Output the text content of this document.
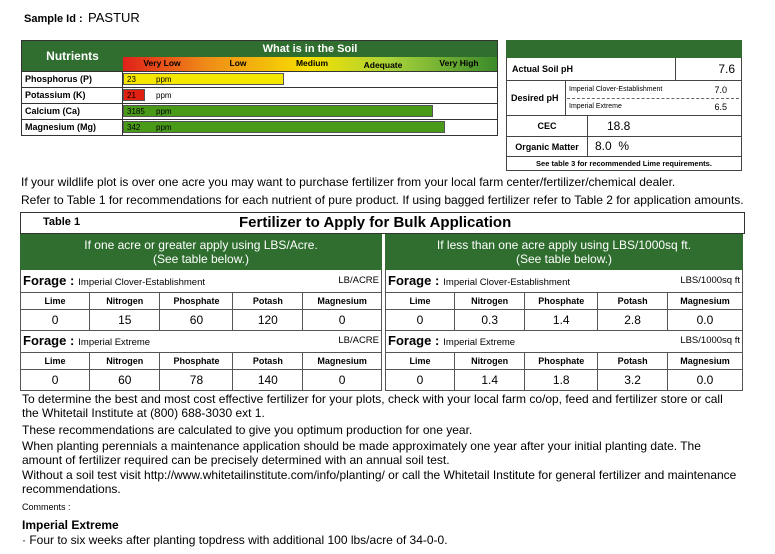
Sample Id : PASTUR
Nutrients	What is in the Soil
Very Low	Low	Medium	Adequate	Very High
Phosphorus (P)	23	ppm
Potassium (K)	21	ppm
Calcium (Ca)	3185 ppm
Magnesium (Mg)	342 ppm
Actual Soil pH	7.6
Desired pH
Imperial Clover-Establishment	7.0
Imperial Extreme	6.5
CEC	18.8
Organic Matter	8.0  %
See table 3 for recommended Lime requirements.
If your wildlife plot is over one acre you may want to purchase fertilizer from your local farm center/fertilizer/chemical dealer.
Refer to Table 1 for recommendations for each nutrient of pure product. If using bagged fertilizer refer to Table 2 for application amounts.
Table 1	Fertilizer to Apply for Bulk Application
If one acre or greater apply using LBS/Acre.
(See table below.)
Forage : Imperial Clover-Establishment	LB/ACRE
Lime	Nitrogen	Phosphate	Potash	Magnesium
0	15	60	120	0
Forage : Imperial Extreme	LB/ACRE
Lime	Nitrogen	Phosphate	Potash	Magnesium
0	60	78	140	0
If less than one acre apply using LBS/1000sq ft.
(See table below.)
Forage : Imperial Clover-Establishment	LBS/1000sq ft
Lime	Nitrogen	Phosphate	Potash	Magnesium
0	0.3	1.4	2.8	0.0
Forage : Imperial Extreme	LBS/1000sq ft
Lime	Nitrogen	Phosphate	Potash	Magnesium
0	1.4	1.8	3.2	0.0
To determine the best and most cost effective fertilizer for your plots, check with your local farm co/op, feed and fertilizer store or call the Whitetail Institute at (800) 688-3030 ext 1.
These recommendations are calculated to give you optimum production for one year.
When planting perennials a maintenance application should be made approximately one year after your initial planting date. The amount of fertilizer required can be precisely determined with an annual soil test.
Without a soil test visit http://www.whitetailinstitute.com/info/planting/ or call the Whitetail Institute for general fertilizer and maintenance recommendations.
Comments :
Imperial Extreme
· Four to six weeks after planting topdress with additional 100 lbs/acre of 34-0-0.
